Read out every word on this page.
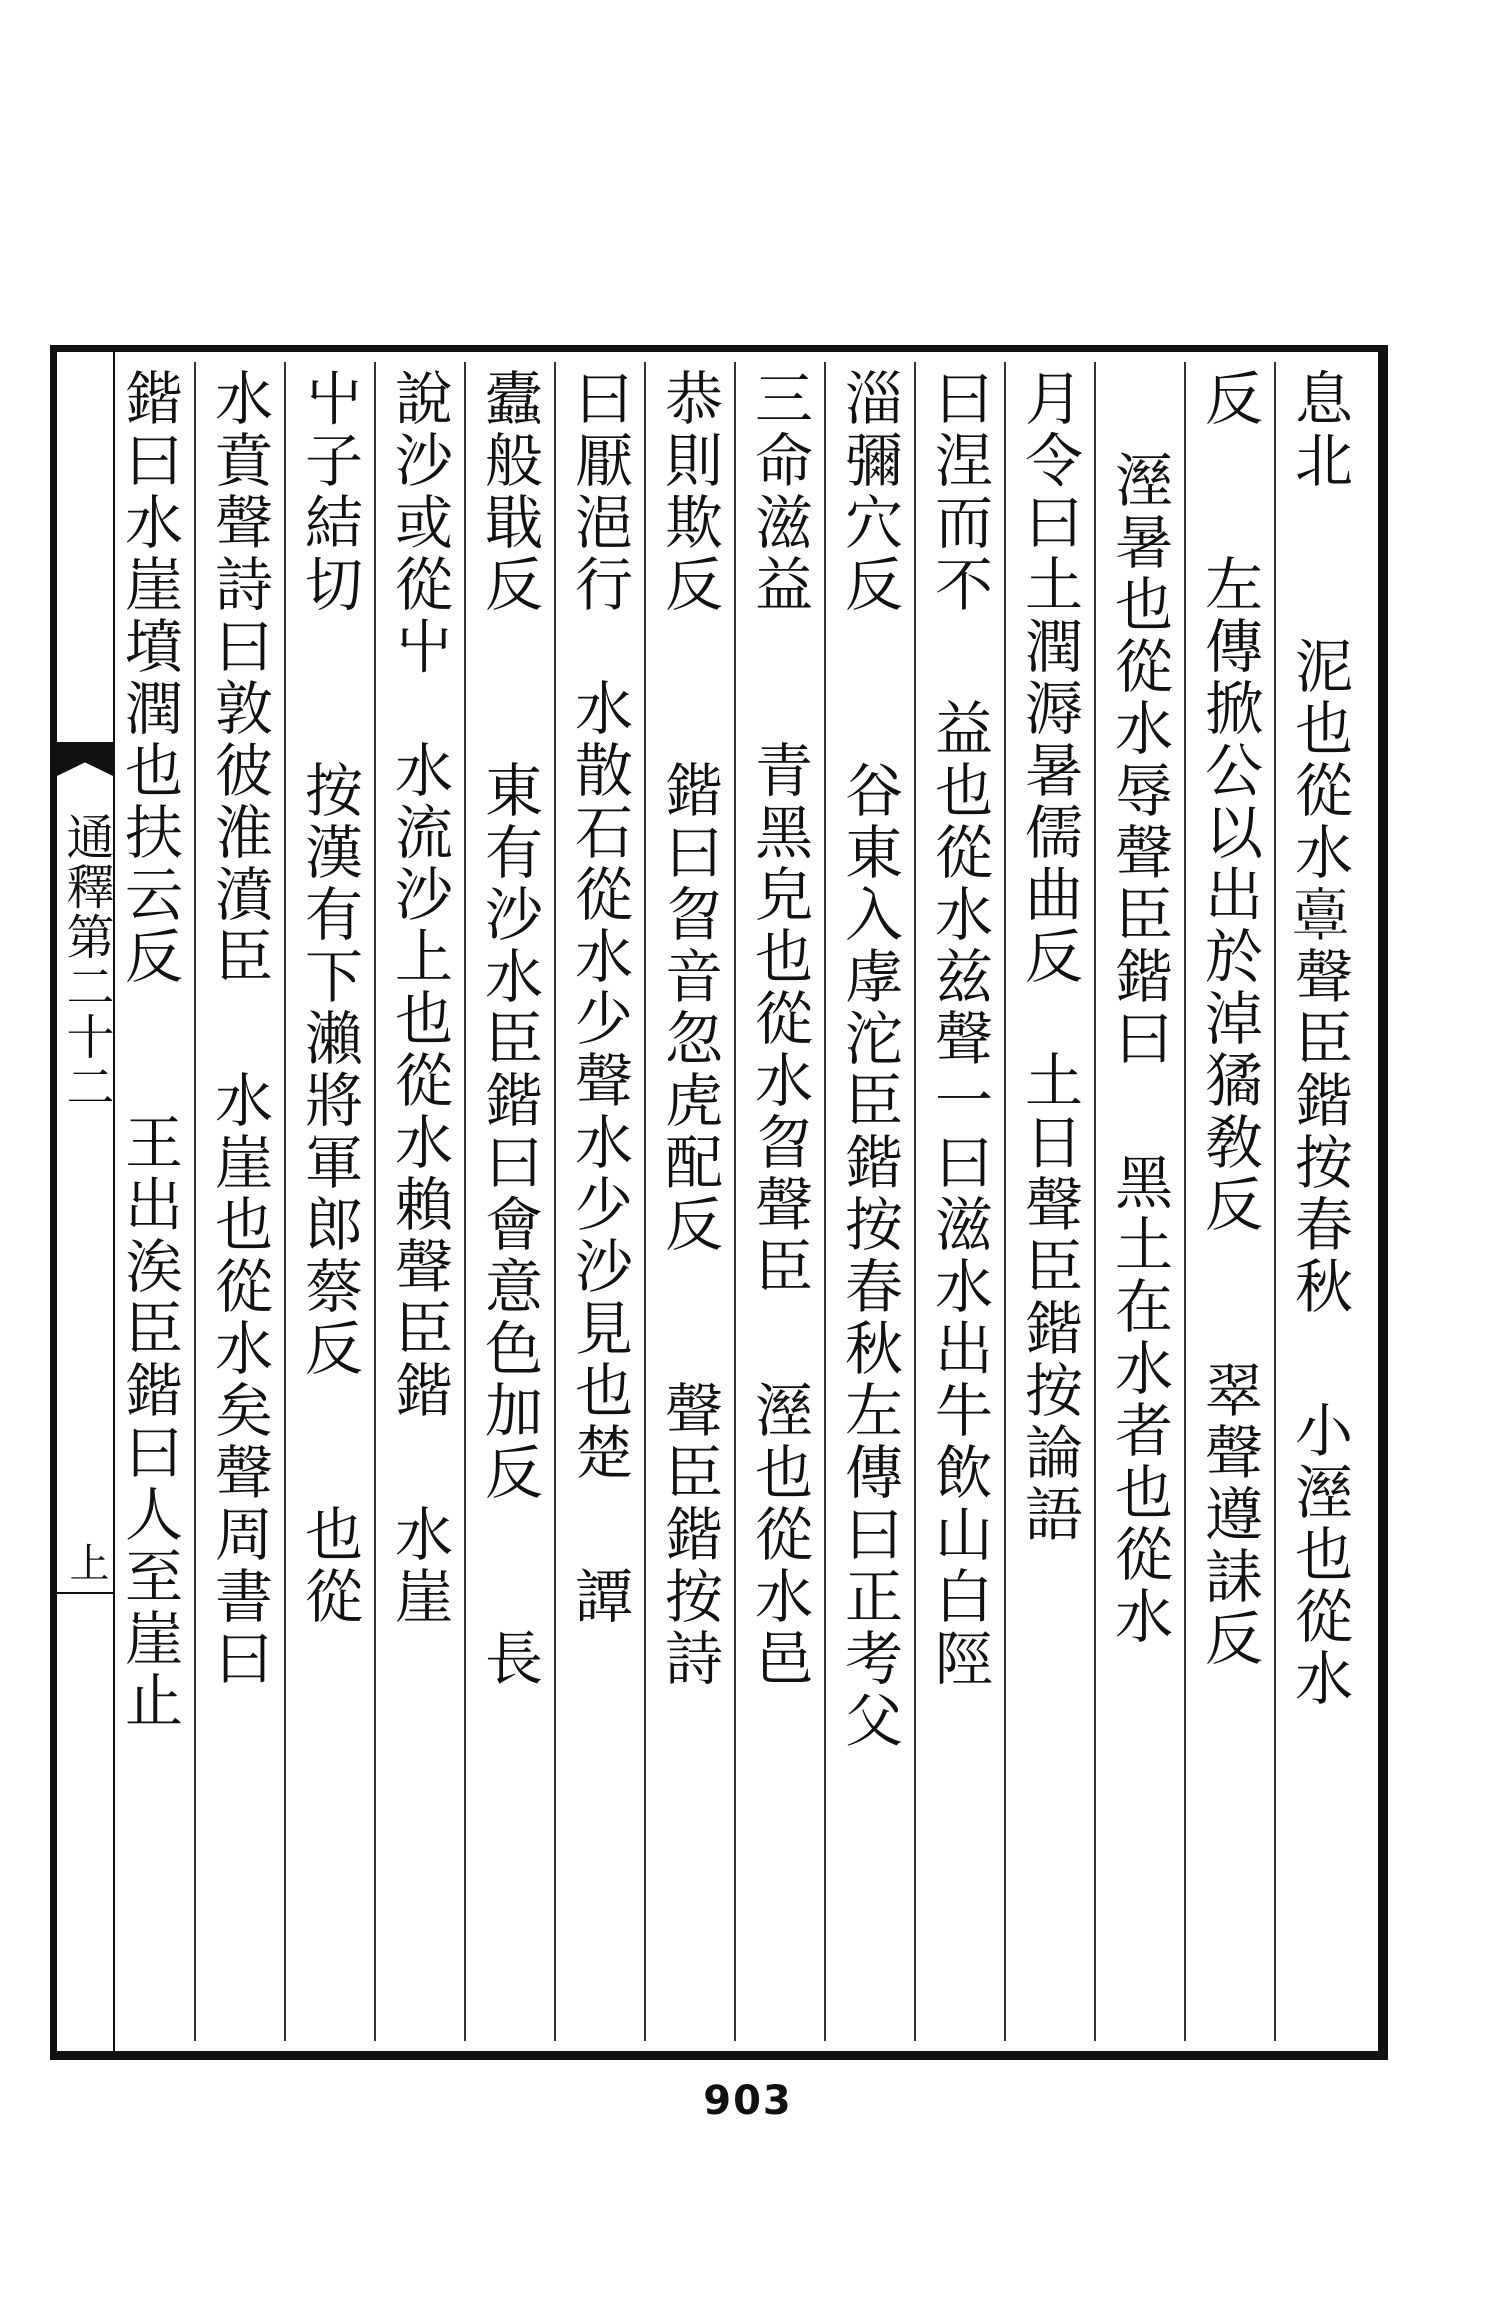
通釋第二十二
上
息北　　泥也從水𩫏聲臣鍇按春秋　小溼也從水
反　　左傳掀公以出於淖獝敎反　　翠聲遵誄反
　溼暑也從水辱聲臣鍇曰　黑土在水者也從水
月令曰土潤溽暑儒曲反　土日聲臣鍇按論語
曰涅而不　益也從水兹聲一曰滋水出牛飲山白陘
淄彌穴反　　谷東入虖沱臣鍇按春秋左傳曰正考父
三命滋益　　青黑皃也從水曶聲臣　溼也從水邑
恭則欺反　　鍇曰曶音忽虎配反　　聲臣鍇按詩
曰厭浥行　水散石從水少聲水少沙見也楚　譚
蠹般戢反　　東有沙水臣鍇曰會意色加反　　長
說沙或從屮　水流沙上也從水賴聲臣鍇　水崖
屮子結切　　按漢有下瀨將軍郎蔡反　　也從
水賁聲詩曰敦彼淮濆臣　水崖也從水矣聲周書曰
鍇曰水崖墳潤也扶云反　　王出涘臣鍇曰人至崖止
903
